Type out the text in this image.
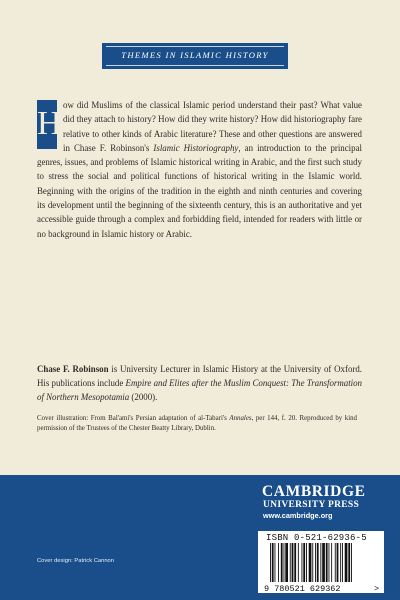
THEMES IN ISLAMIC HISTORY
H ow did Muslims of the classical Islamic period understand their past? What value did they attach to history? How did they write history? How did historiography fare relative to other kinds of Arabic literature? These and other questions are answered in Chase F. Robinson's Islamic Historiography, an introduction to the principal genres, issues, and problems of Islamic historical writing in Arabic, and the first such study to stress the social and political functions of historical writing in the Islamic world. Beginning with the origins of the tradition in the eighth and ninth centuries and covering its development until the beginning of the sixteenth century, this is an authoritative and yet accessible guide through a complex and forbidding field, intended for readers with little or no background in Islamic history or Arabic.

Chase F. Robinson is University Lecturer in Islamic History at the University of Oxford. His publications include Empire and Elites after the Muslim Conquest: The Transformation of Northern Mesopotamia (2000).

Cover illustration: From Bal'ami's Persian adaptation of al-Tabari's Annales, per 144, f. 20. Reproduced by kind permission of the Trustees of the Chester Beatty Library, Dublin.

CAMBRIDGE
UNIVERSITY PRESS
www.cambridge.org
Cover design: Patrick Cannon
ISBN 0-521-62936-5
9 780521 629362	>
